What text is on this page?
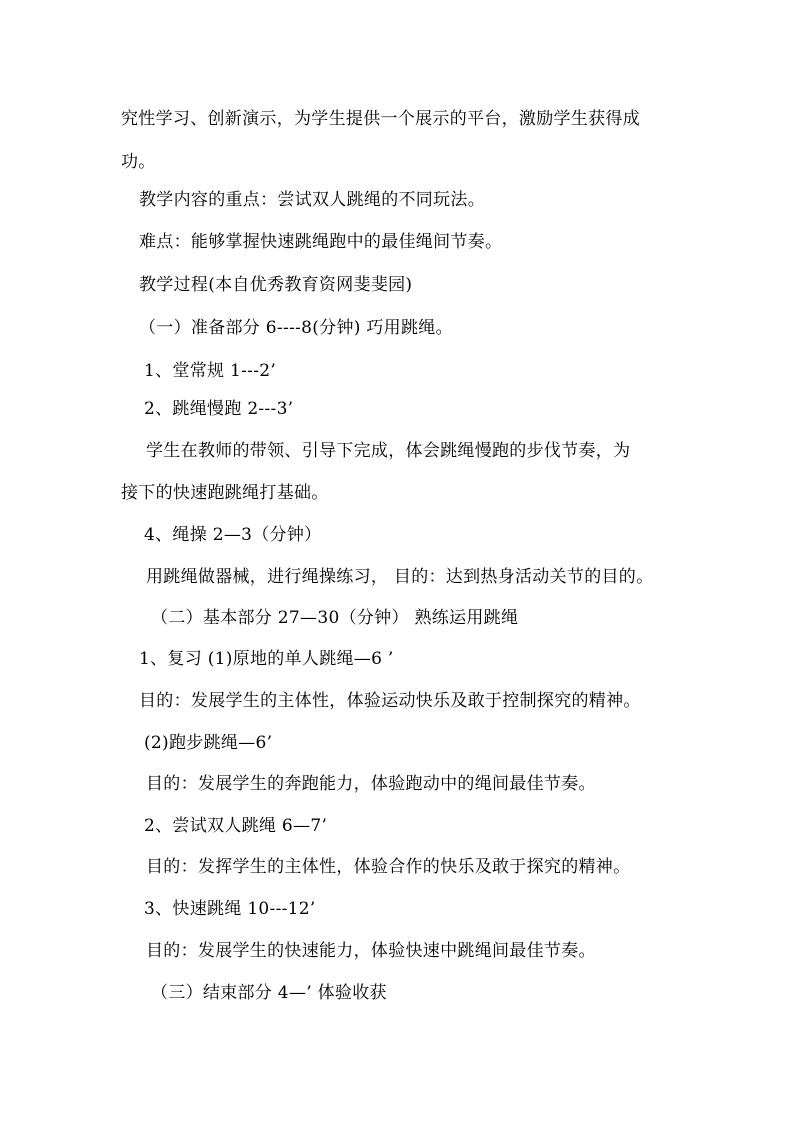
究性学习、创新演示，为学生提供一个展示的平台，激励学生获得成
功。
教学内容的重点：尝试双人跳绳的不同玩法。
难点：能够掌握快速跳绳跑中的最佳绳间节奏。
教学过程(本自优秀教育资网斐斐园)
（一）准备部分 6----8(分钟) 巧用跳绳。
1、堂常规 1---2’
2、跳绳慢跑 2---3’
学生在教师的带领、引导下完成，体会跳绳慢跑的步伐节奏，为
接下的快速跑跳绳打基础。
4、绳操 2—3（分钟）
用跳绳做器械，进行绳操练习， 目的：达到热身活动关节的目的。
（二）基本部分 27—30（分钟） 熟练运用跳绳
1、复习 (1)原地的单人跳绳—6 ’
目的：发展学生的主体性，体验运动快乐及敢于控制探究的精神。
(2)跑步跳绳—6’
目的：发展学生的奔跑能力，体验跑动中的绳间最佳节奏。
2、尝试双人跳绳 6—7’
目的：发挥学生的主体性，体验合作的快乐及敢于探究的精神。
3、快速跳绳 10---12’
目的：发展学生的快速能力，体验快速中跳绳间最佳节奏。
（三）结束部分 4—’ 体验收获
